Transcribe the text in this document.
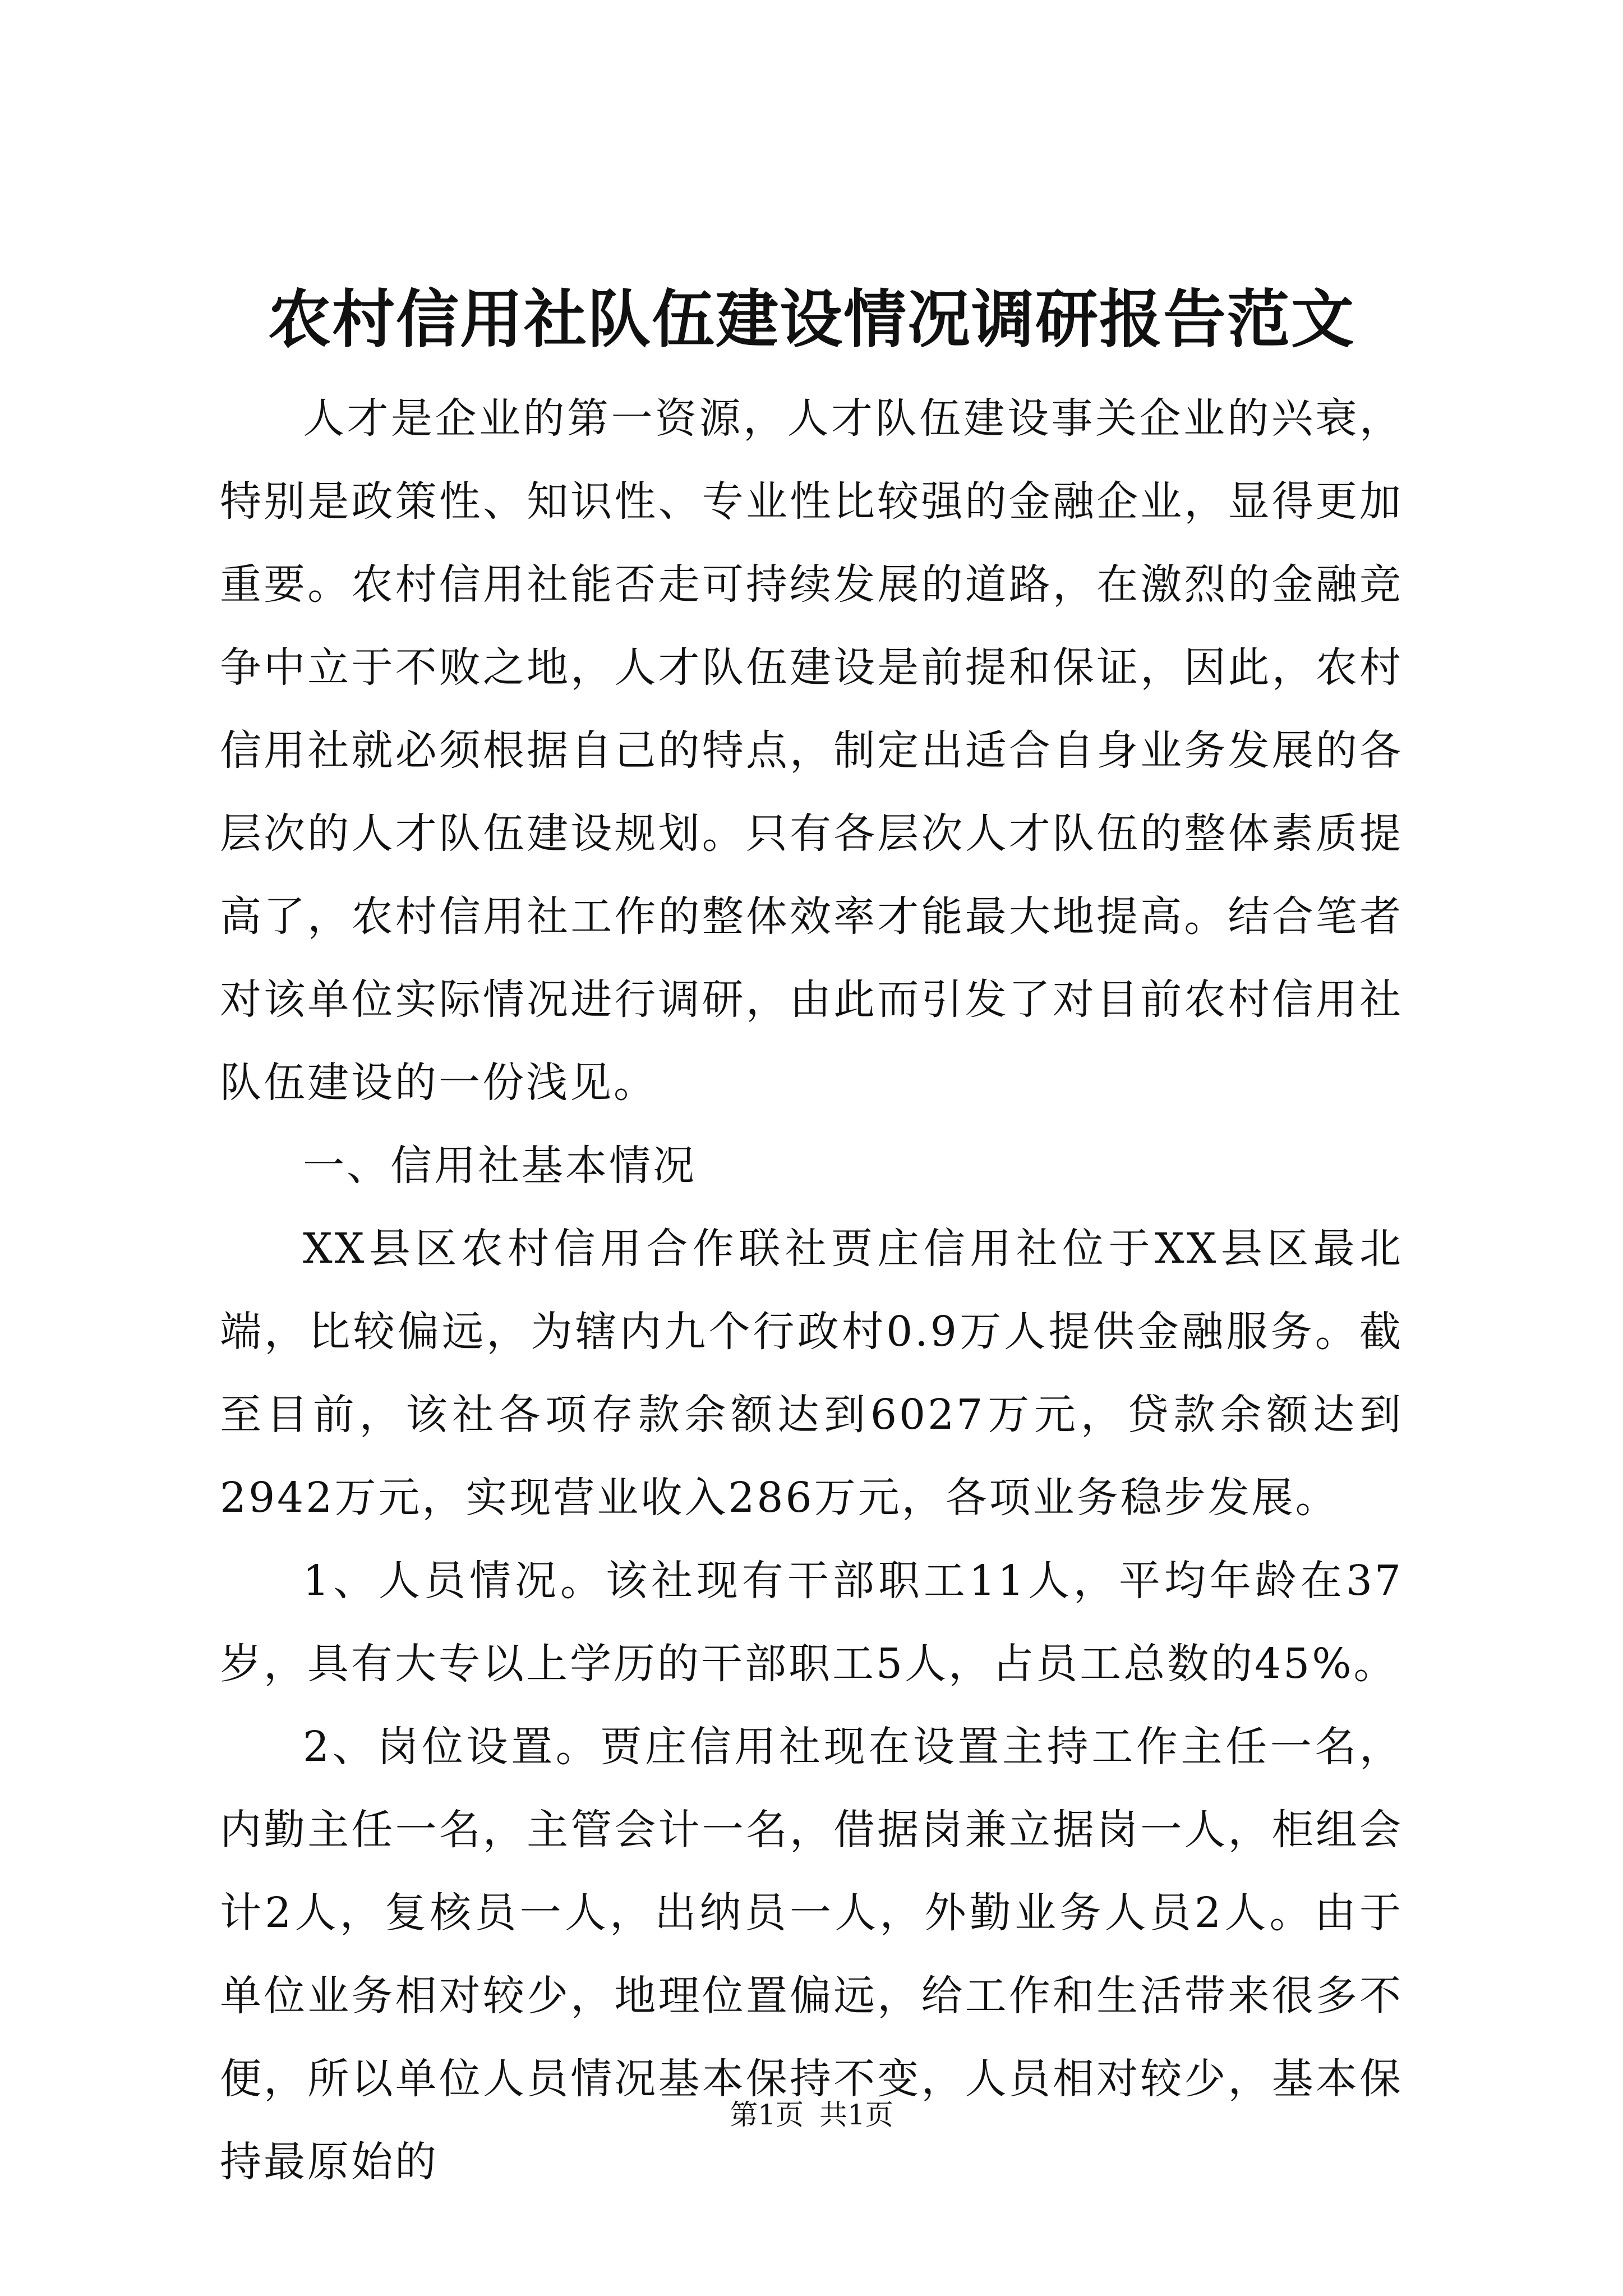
农村信用社队伍建设情况调研报告范文

人才是企业的第一资源，人才队伍建设事关企业的兴衰，特别是政策性、知识性、专业性比较强的金融企业，显得更加重要。农村信用社能否走可持续发展的道路，在激烈的金融竞争中立于不败之地，人才队伍建设是前提和保证，因此，农村信用社就必须根据自己的特点，制定出适合自身业务发展的各层次的人才队伍建设规划。只有各层次人才队伍的整体素质提高了，农村信用社工作的整体效率才能最大地提高。结合笔者对该单位实际情况进行调研，由此而引发了对目前农村信用社队伍建设的一份浅见。

一、信用社基本情况

XX县区农村信用合作联社贾庄信用社位于XX县区最北端，比较偏远，为辖内九个行政村0.9万人提供金融服务。截至目前，该社各项存款余额达到6027万元，贷款余额达到2942万元，实现营业收入286万元，各项业务稳步发展。

1、人员情况。该社现有干部职工11人，平均年龄在37岁，具有大专以上学历的干部职工5人，占员工总数的45%。

2、岗位设置。贾庄信用社现在设置主持工作主任一名，内勤主任一名，主管会计一名，借据岗兼立据岗一人，柜组会计2人，复核员一人，出纳员一人，外勤业务人员2人。由于单位业务相对较少，地理位置偏远，给工作和生活带来很多不便，所以单位人员情况基本保持不变，人员相对较少，基本保持最原始的

第1页 共1页
